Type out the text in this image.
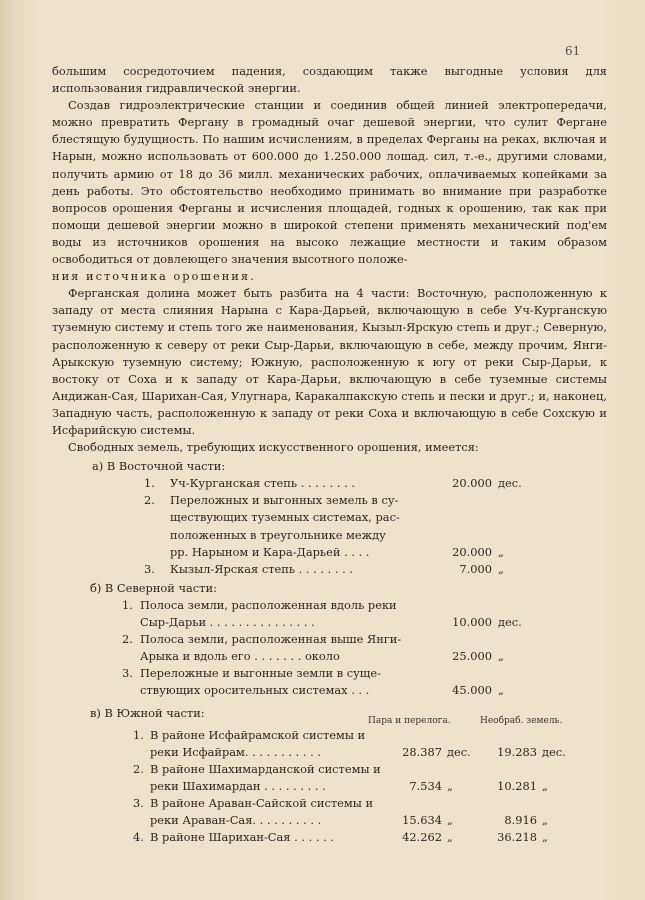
61

большим сосредоточием падения, создающим также выгодные условия для использования гидравлической энергии.

Создав гидроэлектрические станции и соединив общей линией электропередачи, можно превратить Фергану в громадный очаг дешевой энергии, что сулит Фергане блестящую будущность. По нашим исчислениям, в пределах Ферганы на реках, включая и Нарын, можно использовать от 600.000 до 1.250.000 лошад. сил, т.-е., другими словами, получить армию от 18 до 36 милл. механических рабочих, оплачиваемых копейками за день работы. Это обстоятельство необходимо принимать во внимание при разработке вопросов орошения Ферганы и исчисления площадей, годных к орошению, так как при помощи дешевой энергии можно в широкой степени применять механический под'ем воды из источников орошения на высоко лежащие местности и таким образом освободиться от довлеющего значения высотного положе-

ния источника орошения.

Ферганская долина может быть разбита на 4 части: Восточную, расположенную к западу от места слияния Нарына с Кара-Дарьей, включающую в себе Уч-Курганскую туземную систему и степь того же наименования, Кызыл-Ярскую степь и друг.; Северную, расположенную к северу от реки Сыр-Дарьи, включающую в себе, между прочим, Янги-Арыкскую туземную систему; Южную, расположенную к югу от реки Сыр-Дарьи, к востоку от Соха и к западу от Кара-Дарьи, включающую в себе туземные системы Андижан-Сая, Шарихан-Сая, Улугнара, Каракалпакскую степь и пески и друг.; и, наконец, Западную часть, расположенную к западу от реки Соха и включающую в себе Сохскую и Исфарийскую системы.

Свободных земель, требующих искусственного орошения, имеется:

а) В Восточной части:
1. Уч-Курганская степь . . . . . . . .	20.000 дес.
2. Переложных и выгонных земель в су-
ществующих туземных системах, рас-
положенных в треугольнике между
рр. Нарыном и Кара-Дарьей . . . .	20.000 „
3. Кызыл-Ярская степь . . . . . . . .	7.000 „
б) В Северной части:
1. Полоса земли, расположенная вдоль реки
Сыр-Дарьи . . . . . . . . . . . . . . .	10.000 дес.
2. Полоса земли, расположенная выше Янги-
Арыка и вдоль его . . . . . . . около	25.000 „
3. Переложные и выгонные земли в суще-
ствующих оросительных системах . . .	45.000 „
в) В Южной части:
Пара и перелога.	Необраб. земель.
1. В районе Исфайрамской системы и
реки Исфайрам. . . . . . . . . . .	28.387 дес.	19.283 дес.
2. В районе Шахимарданской системы и
реки Шахимардан . . . . . . . . .	7.534 „	10.281 „
3. В районе Араван-Сайской системы и
реки Араван-Сая. . . . . . . . . .	15.634 „	8.916 „
4. В районе Шарихан-Сая . . . . . .	42.262 „	36.218 „
